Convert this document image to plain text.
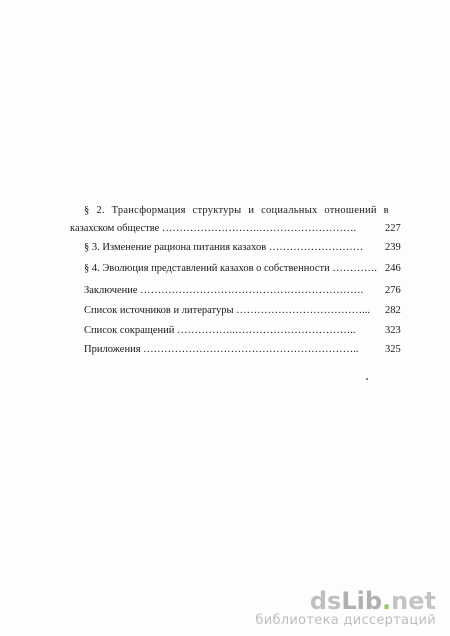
§ 2. Трансформация структуры и социальных отношений в
казахском обществе ……………………….……………………….	227
§ 3. Изменение рациона питания казахов ……………………… 239
§ 4. Эволюция представлений казахов о собственности …………. 246
Заключение ………………………………………………………. 276
Список источников и литературы ………………………………... 282
Список сокращений ……………..……………………………..	323
Приложения ……………………………………………………..	325
dsLib.net
библиотека диссертаций
